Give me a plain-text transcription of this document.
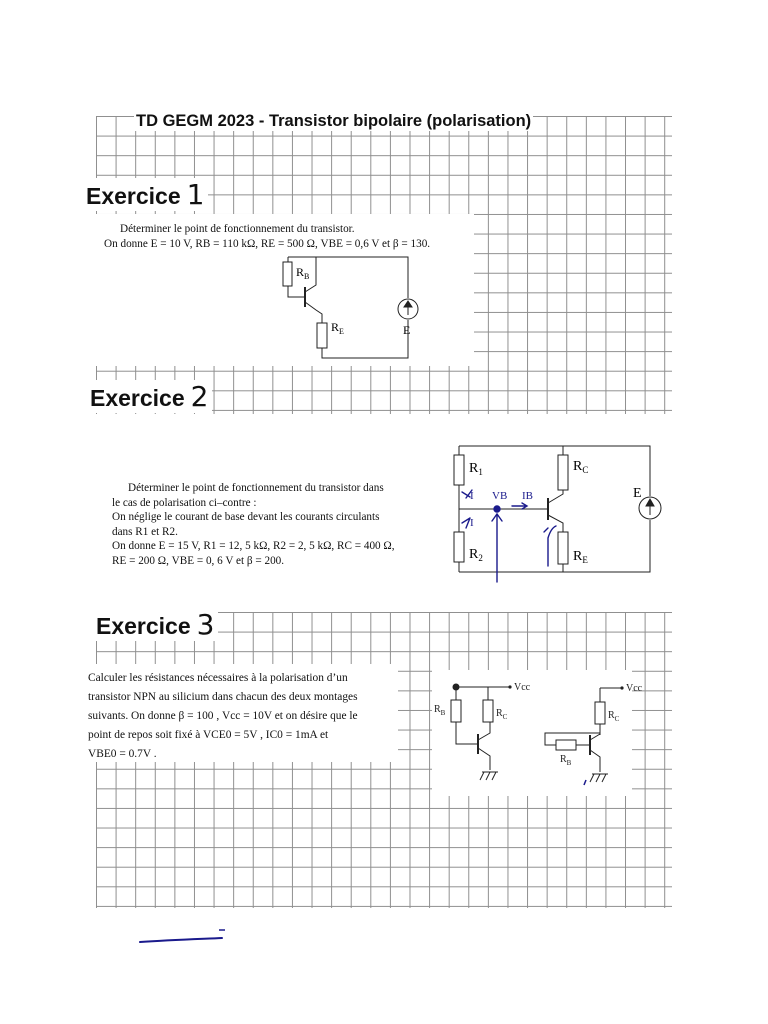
TD GEGM 2023 - Transistor bipolaire (polarisation)
Exercice 1

Déterminer le point de fonctionnement du transistor.

On donne E = 10 V, RB = 110 kΩ, RE = 500 Ω, VBE = 0,6 V et β = 130.

$R_B$
$R_E$	E
Exercice 2

Déterminer le point de fonctionnement du transistor dans

le cas de polarisation ci–contre :

On néglige le courant de base devant les courants circulants

dans R1 et R2.

On donne E = 15 V, R1 = 12, 5 kΩ, R2 = 2, 5 kΩ, RC = 400 Ω,

RE = 200 Ω, VBE = 0, 6 V et β = 200.

$R_1$
$R_2$
$R_C$
$R_E$
E
I VB IB
I
Exercice 3

Calculer les résistances nécessaires à la polarisation d’un

transistor NPN au silicium dans chacun des deux montages

suivants. On donne β = 100 , Vcc = 10V et on désire que le

point de repos soit fixé à VCE0 = 5V , IC0 = 1mA et

VBE0 = 0.7V .

Vcc	Vcc
$R_B$	$R_C$	$R_C$
$R_B$
